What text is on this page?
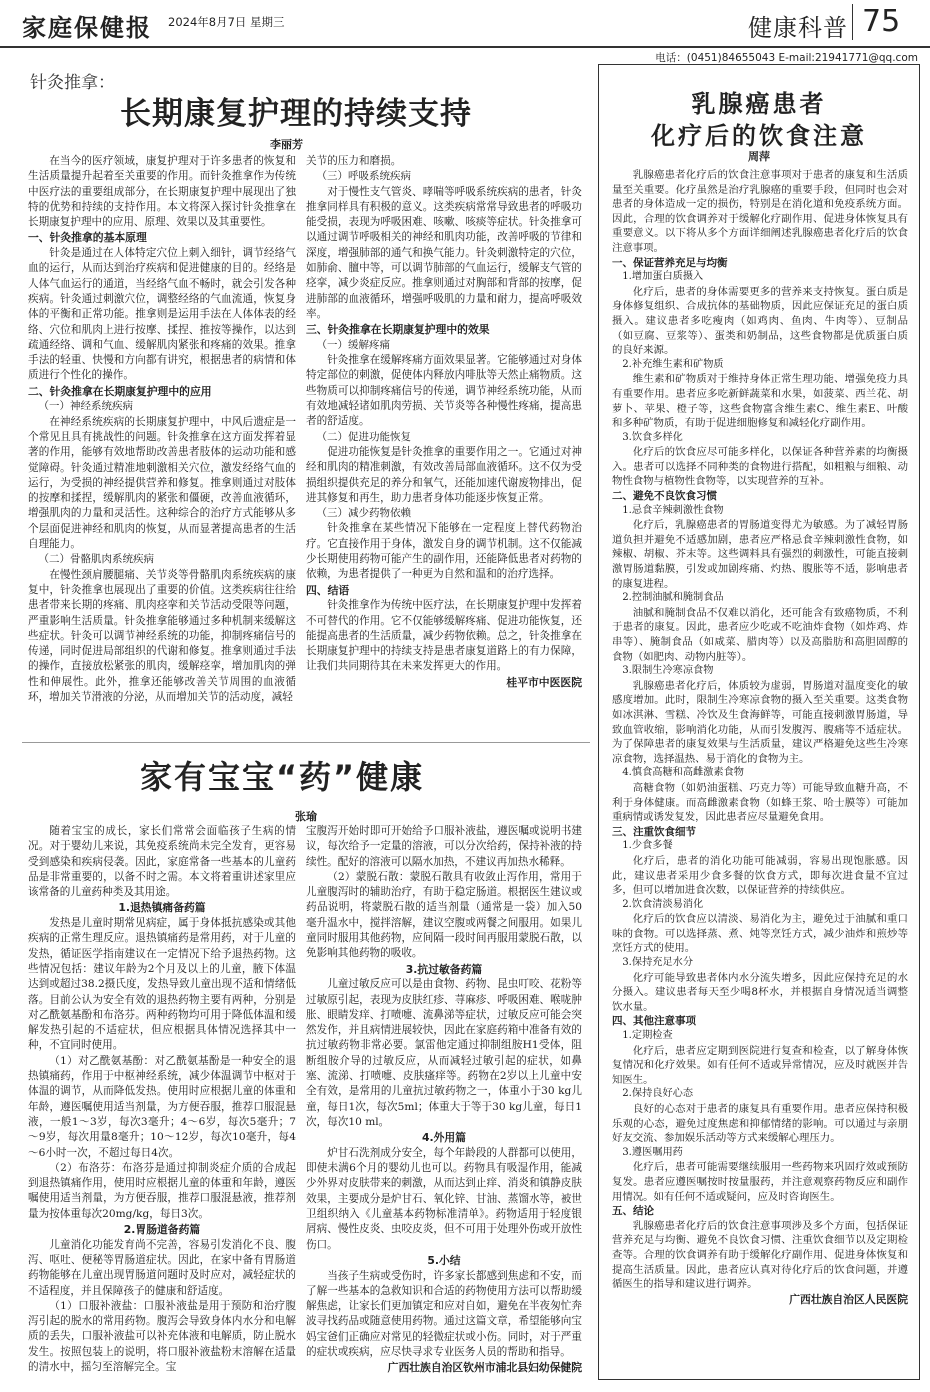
家庭保健报 2024年8月7日 星期三	健康科普 75
电话：(0451)84655043 E-mail:21941771@qq.com
针灸推拿：
长期康复护理的持续支持
李丽芳
在当今的医疗领域，康复护理对于许多患者的恢复和生活质量提升起着至关重要的作用。而针灸推拿作为传统中医疗法的重要组成部分，在长期康复护理中展现出了独特的优势和持续的支持作用。本文将深入探讨针灸推拿在长期康复护理中的应用、原理、效果以及其重要性。
一、针灸推拿的基本原理
针灸是通过在人体特定穴位上刺入细针，调节经络气血的运行，从而达到治疗疾病和促进健康的目的。经络是人体气血运行的通道，当经络气血不畅时，就会引发各种疾病。针灸通过刺激穴位，调整经络的气血流通，恢复身体的平衡和正常功能。推拿则是运用手法在人体体表的经络、穴位和肌肉上进行按摩、揉捏、推按等操作，以达到疏通经络、调和气血、缓解肌肉紧张和疼痛的效果。推拿手法的轻重、快慢和方向都有讲究，根据患者的病情和体质进行个性化的操作。
二、针灸推拿在长期康复护理中的应用
（一）神经系统疾病
在神经系统疾病的长期康复护理中，中风后遗症是一个常见且具有挑战性的问题。针灸推拿在这方面发挥着显著的作用，能够有效地帮助改善患者肢体的运动功能和感觉障碍。针灸通过精准地刺激相关穴位，激发经络气血的运行，为受损的神经提供营养和修复。推拿则通过对肢体的按摩和揉捏，缓解肌肉的紧张和僵硬，改善血液循环，增强肌肉的力量和灵活性。这种综合的治疗方式能够从多个层面促进神经和肌肉的恢复，从而显著提高患者的生活自理能力。
（二）骨骼肌肉系统疾病
在慢性颈肩腰腿痛、关节炎等骨骼肌肉系统疾病的康复中，针灸推拿也展现出了重要的价值。这类疾病往往给患者带来长期的疼痛、肌肉痉挛和关节活动受限等问题，严重影响生活质量。针灸推拿能够通过多种机制来缓解这些症状。针灸可以调节神经系统的功能，抑制疼痛信号的传递，同时促进局部组织的代谢和修复。推拿则通过手法的操作，直接放松紧张的肌肉，缓解痉挛，增加肌肉的弹性和伸展性。此外，推拿还能够改善关节周围的血液循环，增加关节滑液的分泌，从而增加关节的活动度，减轻
关节的压力和磨损。
（三）呼吸系统疾病
对于慢性支气管炎、哮喘等呼吸系统疾病的患者，针灸推拿同样具有积极的意义。这类疾病常常导致患者的呼吸功能受损，表现为呼吸困难、咳嗽、咳痰等症状。针灸推拿可以通过调节呼吸相关的神经和肌肉功能，改善呼吸的节律和深度，增强肺部的通气和换气能力。针灸刺激特定的穴位，如肺俞、膻中等，可以调节肺部的气血运行，缓解支气管的痉挛，减少炎症反应。推拿则通过对胸部和背部的按摩，促进肺部的血液循环，增强呼吸肌的力量和耐力，提高呼吸效率。
三、针灸推拿在长期康复护理中的效果
（一）缓解疼痛
针灸推拿在缓解疼痛方面效果显著。它能够通过对身体特定部位的刺激，促使体内释放内啡肽等天然止痛物质。这些物质可以抑制疼痛信号的传递，调节神经系统功能，从而有效地减轻诸如肌肉劳损、关节炎等各种慢性疼痛，提高患者的舒适度。
（二）促进功能恢复
促进功能恢复是针灸推拿的重要作用之一。它通过对神经和肌肉的精准刺激，有效改善局部血液循环。这不仅为受损组织提供充足的养分和氧气，还能加速代谢废物排出，促进其修复和再生，助力患者身体功能逐步恢复正常。
（三）减少药物依赖
针灸推拿在某些情况下能够在一定程度上替代药物治疗。它直接作用于身体，激发自身的调节机制。这不仅能减少长期使用药物可能产生的副作用，还能降低患者对药物的依赖，为患者提供了一种更为自然和温和的治疗选择。
四、结语
针灸推拿作为传统中医疗法，在长期康复护理中发挥着不可替代的作用。它不仅能够缓解疼痛、促进功能恢复，还能提高患者的生活质量，减少药物依赖。总之，针灸推拿在长期康复护理中的持续支持是患者康复道路上的有力保障，让我们共同期待其在未来发挥更大的作用。
桂平市中医医院
家有宝宝“药”健康
张瑜
随着宝宝的成长，家长们常常会面临孩子生病的情况。对于婴幼儿来说，其免疫系统尚未完全发育，更容易受到感染和疾病侵袭。因此，家庭常备一些基本的儿童药品是非常重要的，以备不时之需。本文将着重讲述家里应该常备的儿童药种类及其用途。
1.退热镇痛备药篇
发热是儿童时期常见病症，属于身体抵抗感染或其他疾病的正常生理反应。退热镇痛药是常用药，对于儿童的发热，循证医学指南建议在一定情况下给予退热药物。这些情况包括：建议年龄为2个月及以上的儿童，腋下体温达到或超过38.2摄氏度，发热导致儿童出现不适和情绪低落。目前公认为安全有效的退热药物主要有两种，分别是对乙酰氨基酚和布洛芬。两种药物均可用于降低体温和缓解发热引起的不适症状，但应根据具体情况选择其中一种，不宜同时使用。
（1）对乙酰氨基酚：对乙酰氨基酚是一种安全的退热镇痛药，作用于中枢神经系统，减少体温调节中枢对于体温的调节，从而降低发热。使用时应根据儿童的体重和年龄，遵医嘱使用适当剂量，为方便吞服，推荐口服混悬液，一般1～3岁，每次3毫升；4～6岁，每次5毫升；7～9岁，每次用量8毫升；10～12岁，每次10毫升，每4～6小时一次，不超过每日4次。
（2）布洛芬：布洛芬是通过抑制炎症介质的合成起到退热镇痛作用，使用时应根据儿童的体重和年龄，遵医嘱使用适当剂量，为方便吞服，推荐口服混悬液，推荐剂量为按体重每次20mg/kg，每日3次。
2.胃肠道备药篇
儿童消化功能发育尚不完善，容易引发消化不良、腹泻、呕吐、便秘等胃肠道症状。因此，在家中备有胃肠道药物能够在儿童出现胃肠道问题时及时应对，减轻症状的不适程度，并且保障孩子的健康和舒适度。
（1）口服补液盐：口服补液盐是用于预防和治疗腹泻引起的脱水的常用药物。腹泻会导致身体内水分和电解质的丢失，口服补液盐可以补充体液和电解质，防止脱水发生。按照包装上的说明，将口服补液盐粉末溶解在适量的清水中，摇匀至溶解完全。宝
宝腹泻开始时即可开始给予口服补液盐，遵医嘱或说明书建议，每次给予一定量的溶液，可以分次给药，保持补液的持续性。配好的溶液可以隔水加热，不建议再加热水稀释。
（2）蒙脱石散：蒙脱石散具有收敛止泻作用，常用于儿童腹泻时的辅助治疗，有助于稳定肠道。根据医生建议或药品说明，将蒙脱石散的适当剂量（通常是一袋）加入50毫升温水中，搅拌溶解，建议空腹或两餐之间服用。如果儿童同时服用其他药物，应间隔一段时间再服用蒙脱石散，以免影响其他药物的吸收。
3.抗过敏备药篇
儿童过敏反应可以是由食物、药物、昆虫叮咬、花粉等过敏原引起，表现为皮肤红疹、荨麻疹、呼吸困难、喉咙肿胀、眼睛发痒、打喷嚏、流鼻涕等症状，过敏反应可能会突然发作，并且病情进展较快，因此在家庭药箱中准备有效的抗过敏药物非常必要。氯雷他定通过抑制组胺H1受体，阻断组胺介导的过敏反应，从而减轻过敏引起的症状，如鼻塞、流涕、打喷嚏、皮肤瘙痒等。药物在2岁以上儿童中安全有效，是常用的儿童抗过敏药物之一，体重小于30 kg儿童，每日1次，每次5ml；体重大于等于30 kg儿童，每日1次，每次10 ml。
4.外用篇
炉甘石洗剂成分安全，每个年龄段的人群都可以使用，即使未满6个月的婴幼儿也可以。药物具有吸湿作用，能减少外界对皮肤带来的刺激，从而达到止痒、消炎和镇静皮肤效果，主要成分是炉甘石、氧化锌、甘油、蒸馏水等，被世卫组织纳入《儿童基本药物标准清单》。药物适用于轻度银屑病、慢性皮炎、虫咬皮炎，但不可用于处理外伤或开放性伤口。
5.小结
当孩子生病或受伤时，许多家长都感到焦虑和不安，而了解一些基本的急救知识和合适的药物使用方法可以帮助缓解焦虑，让家长们更加镇定和应对自如，避免在半夜匆忙奔波寻找药品或随意使用药物。通过这篇文章，希望能够向宝妈宝爸们正确应对常见的轻微症状或小伤。同时，对于严重的症状或疾病，应尽快寻求专业医务人员的帮助和指导。
广西壮族自治区钦州市浦北县妇幼保健院
乳腺癌患者
化疗后的饮食注意
周萍
乳腺癌患者化疗后的饮食注意事项对于患者的康复和生活质量至关重要。化疗虽然是治疗乳腺癌的重要手段，但同时也会对患者的身体造成一定的损伤，特别是在消化道和免疫系统方面。因此，合理的饮食调养对于缓解化疗副作用、促进身体恢复具有重要意义。以下将从多个方面详细阐述乳腺癌患者化疗后的饮食注意事项。
一、保证营养充足与均衡
1.增加蛋白质摄入
化疗后，患者的身体需要更多的营养来支持恢复。蛋白质是身体修复组织、合成抗体的基础物质，因此应保证充足的蛋白质摄入。建议患者多吃瘦肉（如鸡肉、鱼肉、牛肉等）、豆制品（如豆腐、豆浆等）、蛋类和奶制品，这些食物都是优质蛋白质的良好来源。
2.补充维生素和矿物质
维生素和矿物质对于维持身体正常生理功能、增强免疫力具有重要作用。患者应多吃新鲜蔬菜和水果，如菠菜、西兰花、胡萝卜、苹果、橙子等，这些食物富含维生素C、维生素E、叶酸和多种矿物质，有助于促进细胞修复和减轻化疗副作用。
3.饮食多样化
化疗后的饮食应尽可能多样化，以保证各种营养素的均衡摄入。患者可以选择不同种类的食物进行搭配，如粗粮与细粮、动物性食物与植物性食物等，以实现营养的互补。
二、避免不良饮食习惯
1.忌食辛辣刺激性食物
化疗后，乳腺癌患者的胃肠道变得尤为敏感。为了减轻胃肠道负担并避免不适感加剧，患者应严格忌食辛辣刺激性食物，如辣椒、胡椒、芥末等。这些调料具有强烈的刺激性，可能直接刺激胃肠道黏膜，引发或加剧疼痛、灼热、腹胀等不适，影响患者的康复进程。
2.控制油腻和腌制食品
油腻和腌制食品不仅难以消化，还可能含有致癌物质，不利于患者的康复。因此，患者应少吃或不吃油炸食物（如炸鸡、炸串等）、腌制食品（如咸菜、腊肉等）以及高脂肪和高胆固醇的食物（如肥肉、动物内脏等）。
3.限制生冷寒凉食物
乳腺癌患者化疗后，体质较为虚弱，胃肠道对温度变化的敏感度增加。此时，限制生冷寒凉食物的摄入至关重要。这类食物如冰淇淋、雪糕、冷饮及生食海鲜等，可能直接刺激胃肠道，导致血管收缩，影响消化功能，从而引发腹泻、腹痛等不适症状。为了保障患者的康复效果与生活质量，建议严格避免这些生冷寒凉食物，选择温热、易于消化的食物为主。
4.慎食高糖和高雌激素食物
高糖食物（如奶油蛋糕、巧克力等）可能导致血糖升高，不利于身体健康。而高雌激素食物（如蜂王浆、哈士膜等）可能加重病情或诱发复发，因此患者应尽量避免食用。
三、注重饮食细节
1.少食多餐
化疗后，患者的消化功能可能减弱，容易出现饱胀感。因此，建议患者采用少食多餐的饮食方式，即每次进食量不宜过多，但可以增加进食次数，以保证营养的持续供应。
2.饮食清淡易消化
化疗后的饮食应以清淡、易消化为主，避免过于油腻和重口味的食物。可以选择蒸、煮、炖等烹饪方式，减少油炸和煎炒等烹饪方式的使用。
3.保持充足水分
化疗可能导致患者体内水分流失增多，因此应保持充足的水分摄入。建议患者每天至少喝8杯水，并根据自身情况适当调整饮水量。
四、其他注意事项
1.定期检查
化疗后，患者应定期到医院进行复查和检查，以了解身体恢复情况和化疗效果。如有任何不适或异常情况，应及时就医并告知医生。
2.保持良好心态
良好的心态对于患者的康复具有重要作用。患者应保持积极乐观的心态，避免过度焦虑和抑郁情绪的影响。可以通过与亲朋好友交流、参加娱乐活动等方式来缓解心理压力。
3.遵医嘱用药
化疗后，患者可能需要继续服用一些药物来巩固疗效或预防复发。患者应遵医嘱按时按量服药，并注意观察药物反应和副作用情况。如有任何不适或疑问，应及时咨询医生。
五、结论
乳腺癌患者化疗后的饮食注意事项涉及多个方面，包括保证营养充足与均衡、避免不良饮食习惯、注重饮食细节以及定期检查等。合理的饮食调养有助于缓解化疗副作用、促进身体恢复和提高生活质量。因此，患者应认真对待化疗后的饮食问题，并遵循医生的指导和建议进行调养。
广西壮族自治区人民医院
